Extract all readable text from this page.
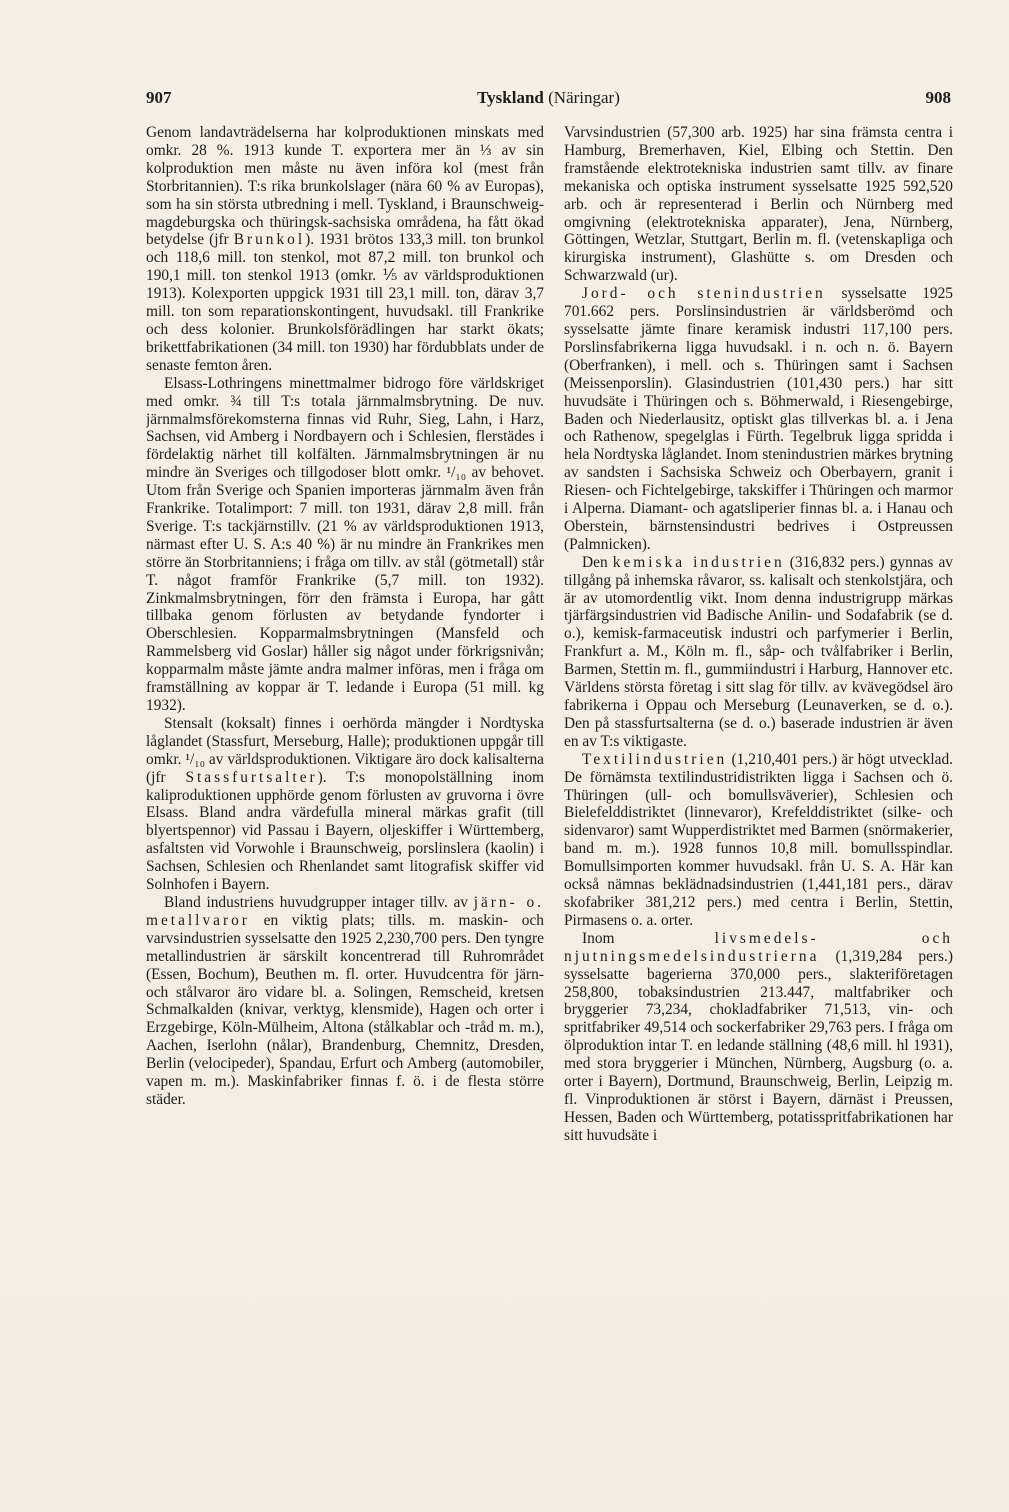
907	Tyskland (Näringar)	908

Genom landavträdelserna har kolproduktionen minskats med omkr. 28 %. 1913 kunde T. exportera mer än ⅓ av sin kolproduktion men måste nu även införa kol (mest från Storbritannien). T:s rika brunkolslager (nära 60 % av Europas), som ha sin största utbredning i mell. Tyskland, i Braunschweig-magdeburgska och thüringsk-sachsiska områdena, ha fått ökad betydelse (jfr Brunkol). 1931 brötos 133,3 mill. ton brunkol och 118,6 mill. ton stenkol, mot 87,2 mill. ton brunkol och 190,1 mill. ton stenkol 1913 (omkr. ⅕ av världsproduktionen 1913). Kolexporten uppgick 1931 till 23,1 mill. ton, därav 3,7 mill. ton som reparationskontingent, huvudsakl. till Frankrike och dess kolonier. Brunkolsförädlingen har starkt ökats; brikettfabrikationen (34 mill. ton 1930) har fördubblats under de senaste femton åren.

Elsass-Lothringens minettmalmer bidrogo före världskriget med omkr. ¾ till T:s totala järnmalmsbrytning. De nuv. järnmalmsförekomsterna finnas vid Ruhr, Sieg, Lahn, i Harz, Sachsen, vid Amberg i Nordbayern och i Schlesien, flerstädes i fördelaktig närhet till kolfälten. Järnmalmsbrytningen är nu mindre än Sveriges och tillgodoser blott omkr. ¹/₁₀ av behovet. Utom från Sverige och Spanien importeras järnmalm även från Frankrike. Totalimport: 7 mill. ton 1931, därav 2,8 mill. från Sverige. T:s tackjärnstillv. (21 % av världsproduktionen 1913, närmast efter U. S. A:s 40 %) är nu mindre än Frankrikes men större än Storbritanniens; i fråga om tillv. av stål (götmetall) står T. något framför Frankrike (5,7 mill. ton 1932). Zinkmalmsbrytningen, förr den främsta i Europa, har gått tillbaka genom förlusten av betydande fyndorter i Oberschlesien. Kopparmalmsbrytningen (Mansfeld och Rammelsberg vid Goslar) håller sig något under förkrigsnivån; kopparmalm måste jämte andra malmer införas, men i fråga om framställning av koppar är T. ledande i Europa (51 mill. kg 1932).

Stensalt (koksalt) finnes i oerhörda mängder i Nordtyska låglandet (Stassfurt, Merseburg, Halle); produktionen uppgår till omkr. ¹/₁₀ av världsproduktionen. Viktigare äro dock kalisalterna (jfr Stassfurtsalter). T:s monopolställning inom kaliproduktionen upphörde genom förlusten av gruvorna i övre Elsass. Bland andra värdefulla mineral märkas grafit (till blyertspennor) vid Passau i Bayern, oljeskiffer i Württemberg, asfaltsten vid Vorwohle i Braunschweig, porslinslera (kaolin) i Sachsen, Schlesien och Rhenlandet samt litografisk skiffer vid Solnhofen i Bayern.

Bland industriens huvudgrupper intager tillv. av järn- o. metallvaror en viktig plats; tills. m. maskin- och varvsindustrien sysselsatte den 1925 2,230,700 pers. Den tyngre metallindustrien är särskilt koncentrerad till Ruhrområdet (Essen, Bochum), Beuthen m. fl. orter. Huvudcentra för järn- och stålvaror äro vidare bl. a. Solingen, Remscheid, kretsen Schmalkalden (knivar, verktyg, klensmide), Hagen och orter i Erzgebirge, Köln-Mülheim, Altona (stålkablar och -tråd m. m.), Aachen, Iserlohn (nålar), Brandenburg, Chemnitz, Dresden, Berlin (velocipeder), Spandau, Erfurt och Amberg (automobiler, vapen m. m.). Maskinfabriker finnas f. ö. i de flesta större städer.

Varvsindustrien (57,300 arb. 1925) har sina främsta centra i Hamburg, Bremerhaven, Kiel, Elbing och Stettin. Den framstående elektrotekniska industrien samt tillv. av finare mekaniska och optiska instrument sysselsatte 1925 592,520 arb. och är representerad i Berlin och Nürnberg med omgivning (elektrotekniska apparater), Jena, Nürnberg, Göttingen, Wetzlar, Stuttgart, Berlin m. fl. (vetenskapliga och kirurgiska instrument), Glashütte s. om Dresden och Schwarzwald (ur).

Jord- och stenindustrien sysselsatte 1925 701.662 pers. Porslinsindustrien är världsberömd och sysselsatte jämte finare keramisk industri 117,100 pers. Porslinsfabrikerna ligga huvudsakl. i n. och n. ö. Bayern (Oberfranken), i mell. och s. Thüringen samt i Sachsen (Meissenporslin). Glasindustrien (101,430 pers.) har sitt huvudsäte i Thüringen och s. Böhmerwald, i Riesengebirge, Baden och Niederlausitz, optiskt glas tillverkas bl. a. i Jena och Rathenow, spegelglas i Fürth. Tegelbruk ligga spridda i hela Nordtyska låglandet. Inom stenindustrien märkes brytning av sandsten i Sachsiska Schweiz och Oberbayern, granit i Riesen- och Fichtelgebirge, takskiffer i Thüringen och marmor i Alperna. Diamant- och agatsliperier finnas bl. a. i Hanau och Oberstein, bärnstensindustri bedrives i Ostpreussen (Palmnicken).

Den kemiska industrien (316,832 pers.) gynnas av tillgång på inhemska råvaror, ss. kalisalt och stenkolstjära, och är av utomordentlig vikt. Inom denna industrigrupp märkas tjärfärgsindustrien vid Badische Anilin- und Sodafabrik (se d. o.), kemisk-farmaceutisk industri och parfymerier i Berlin, Frankfurt a. M., Köln m. fl., såp- och tvålfabriker i Berlin, Barmen, Stettin m. fl., gummiindustri i Harburg, Hannover etc. Världens största företag i sitt slag för tillv. av kvävegödsel äro fabrikerna i Oppau och Merseburg (Leunaverken, se d. o.). Den på stassfurtsalterna (se d. o.) baserade industrien är även en av T:s viktigaste.

Textilindustrien (1,210,401 pers.) är högt utvecklad. De förnämsta textilindustridistrikten ligga i Sachsen och ö. Thüringen (ull- och bomullsväverier), Schlesien och Bielefelddistriktet (linnevaror), Krefelddistriktet (silke- och sidenvaror) samt Wupperdistriktet med Barmen (snörmakerier, band m. m.). 1928 funnos 10,8 mill. bomullsspindlar. Bomullsimporten kommer huvudsakl. från U. S. A. Här kan också nämnas beklädnadsindustrien (1,441,181 pers., därav skofabriker 381,212 pers.) med centra i Berlin, Stettin, Pirmasens o. a. orter.

Inom livsmedels- och njutningsmedelsindustrierna (1,319,284 pers.) sysselsatte bagerierna 370,000 pers., slakteriföretagen 258,800, tobaksindustrien 213.447, maltfabriker och bryggerier 73,234, chokladfabriker 71,513, vin- och spritfabriker 49,514 och sockerfabriker 29,763 pers. I fråga om ölproduktion intar T. en ledande ställning (48,6 mill. hl 1931), med stora bryggerier i München, Nürnberg, Augsburg (o. a. orter i Bayern), Dortmund, Braunschweig, Berlin, Leipzig m. fl. Vinproduktionen är störst i Bayern, därnäst i Preussen, Hessen, Baden och Württemberg, potatisspritfabrikationen har sitt huvudsäte i
